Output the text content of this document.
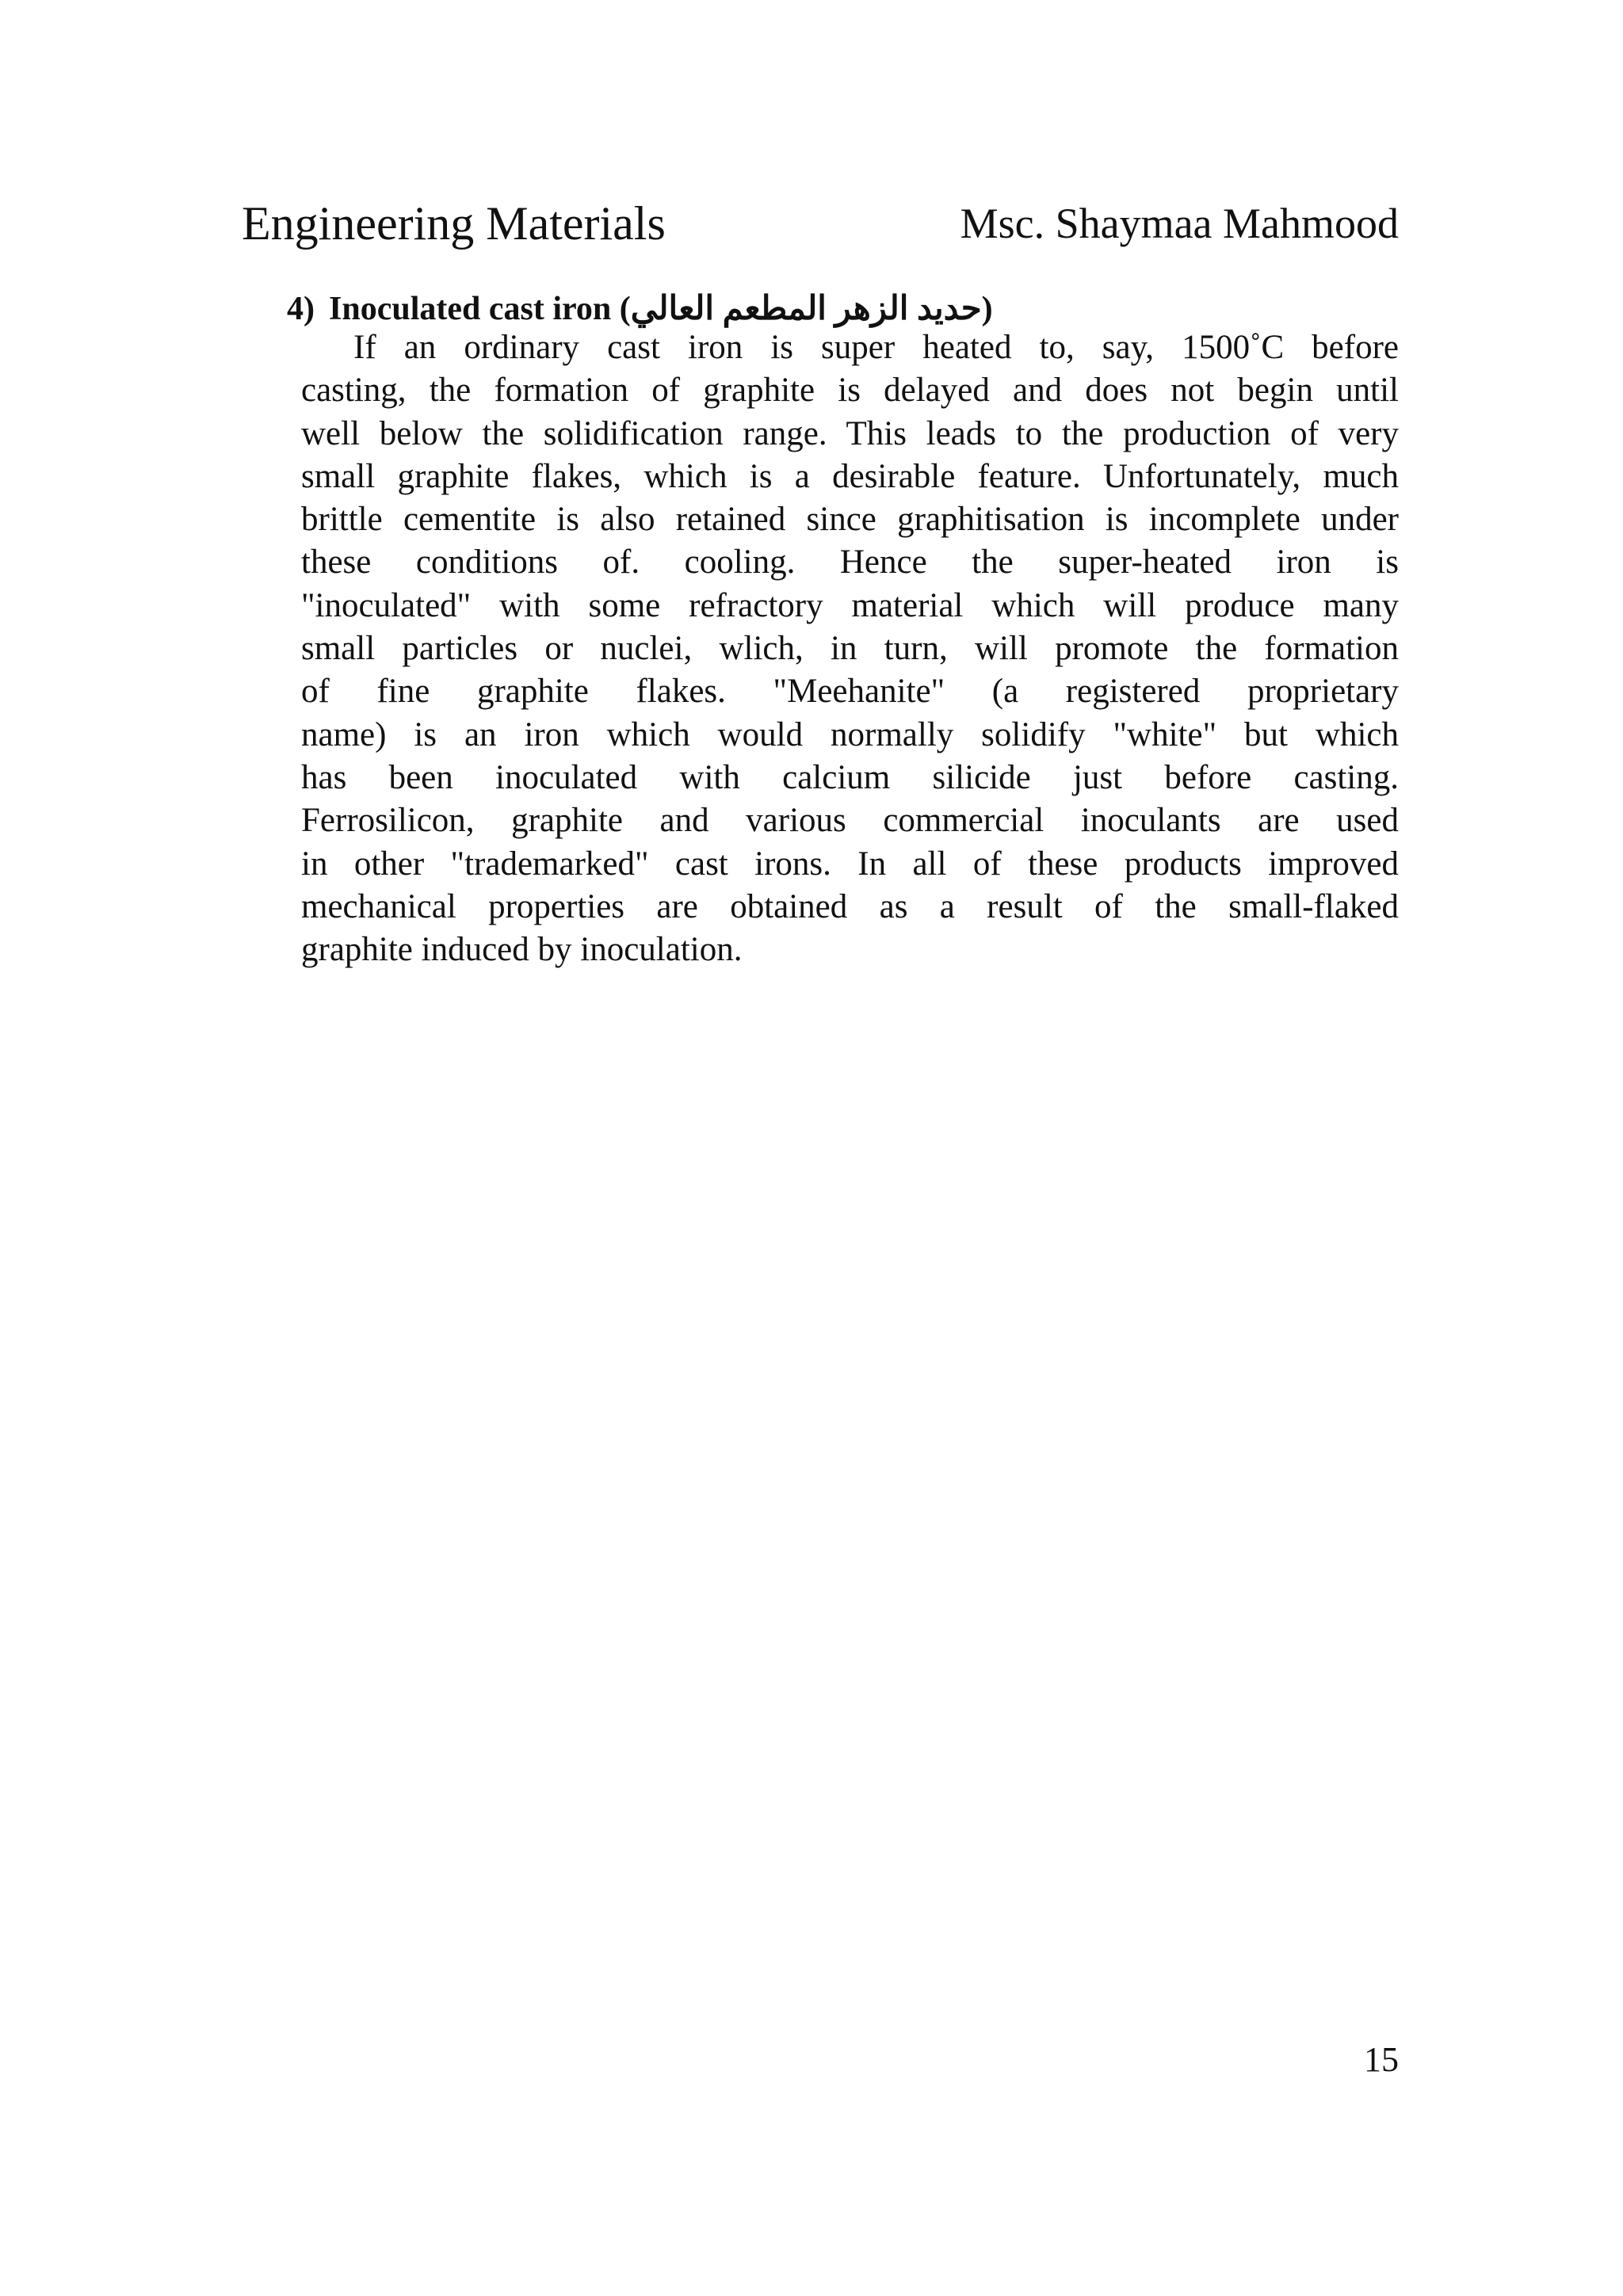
Engineering Materials	Msc. Shaymaa Mahmood
4) Inoculated cast iron (حديد الزهر المطعم العالي)
If an ordinary cast iron is super heated to, say, 1500˚C before
casting, the formation of graphite is delayed and does not begin until
well below the solidification range. This leads to the production of very
small graphite flakes, which is a desirable feature. Unfortunately, much
brittle cementite is also retained since graphitisation is incomplete under
these conditions of. cooling. Hence the super-heated iron is
"inoculated" with some refractory material which will produce many
small particles or nuclei, wlich, in turn, will promote the formation
of fine graphite flakes. "Meehanite" (a registered proprietary
name) is an iron which would normally solidify "white" but which
has been inoculated with calcium silicide just before casting.
Ferrosilicon, graphite and various commercial inoculants are used
in other "trademarked" cast irons. In all of these products improved
mechanical properties are obtained as a result of the small-flaked
graphite induced by inoculation.
15
